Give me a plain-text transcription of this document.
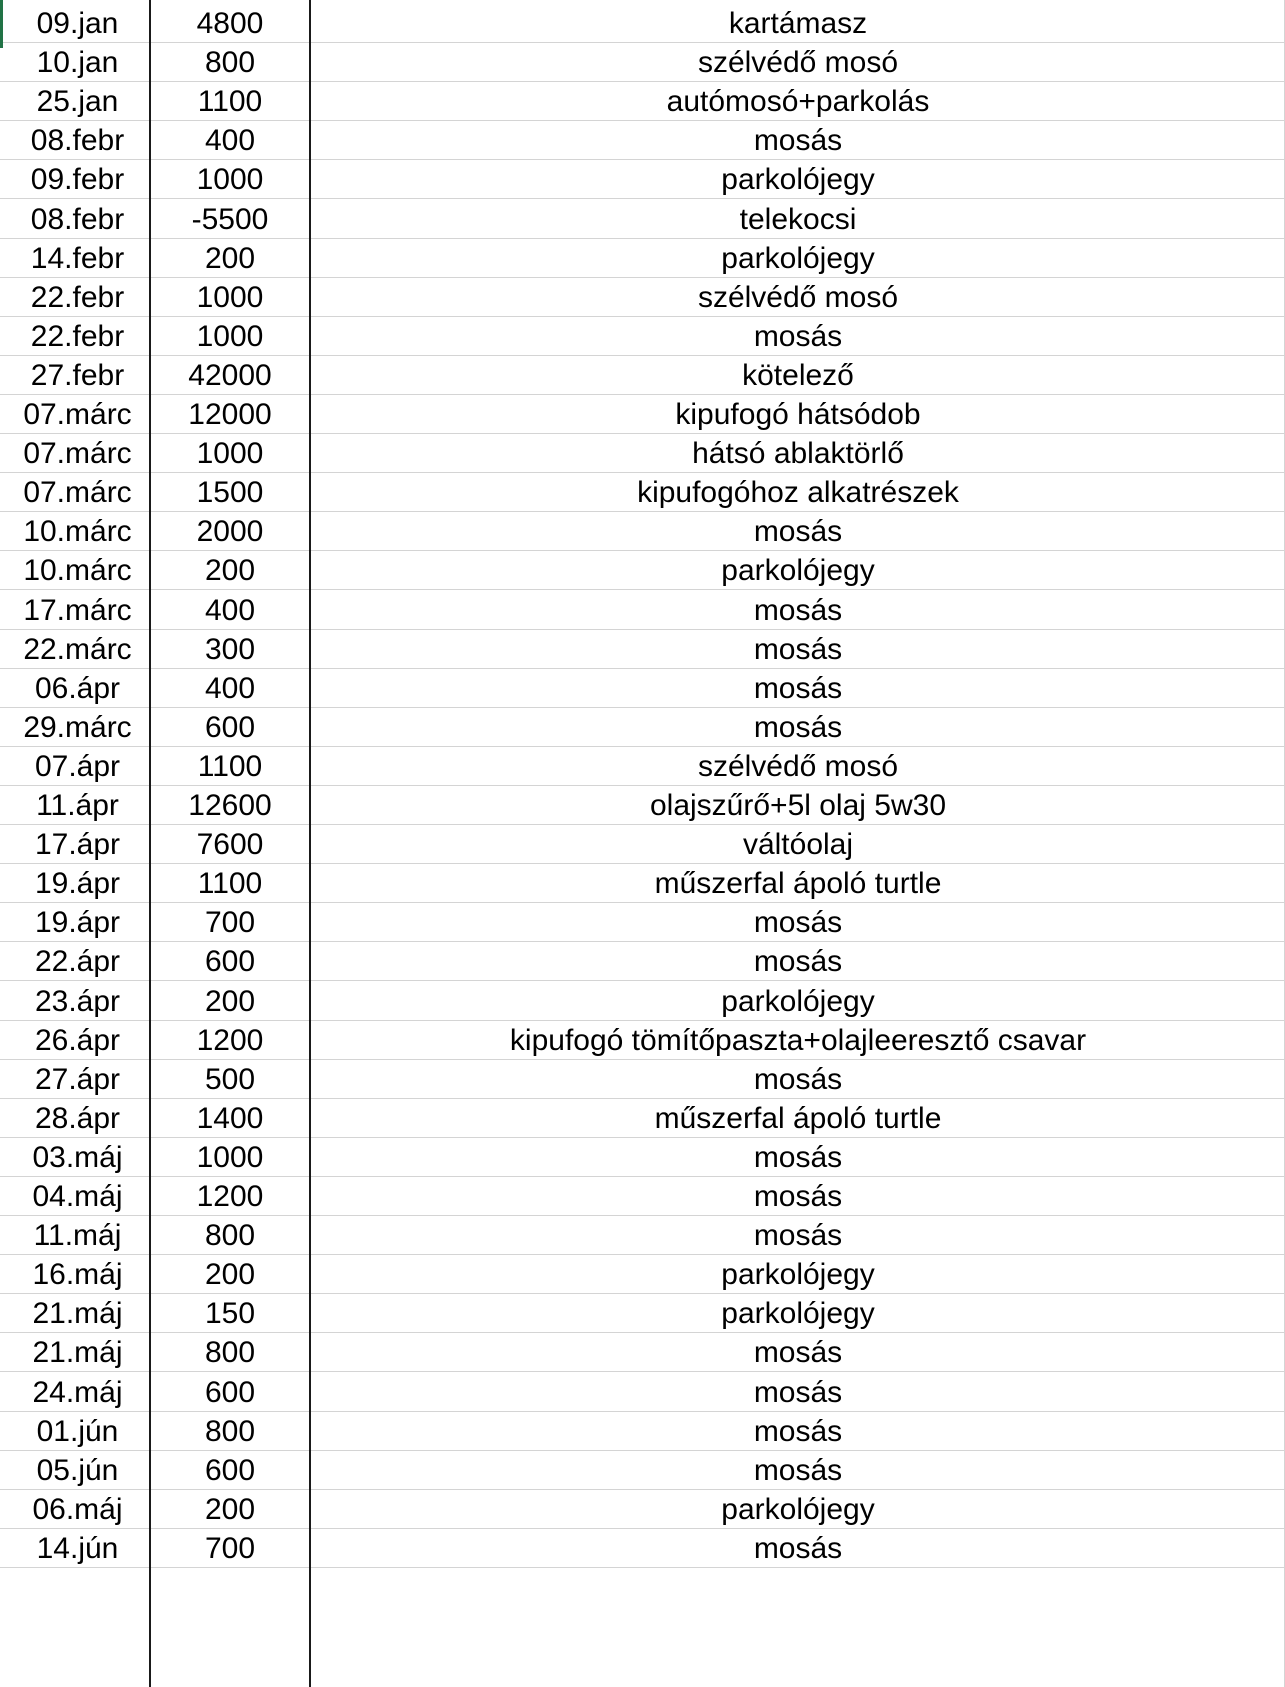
09.jan	4800	kartámasz
10.jan	800	szélvédő mosó
25.jan	1100	autómosó+parkolás
08.febr	400	mosás
09.febr	1000	parkolójegy
08.febr	-5500	telekocsi
14.febr	200	parkolójegy
22.febr	1000	szélvédő mosó
22.febr	1000	mosás
27.febr	42000	kötelező
07.márc	12000	kipufogó hátsódob
07.márc	1000	hátsó ablaktörlő
07.márc	1500	kipufogóhoz alkatrészek
10.márc	2000	mosás
10.márc	200	parkolójegy
17.márc	400	mosás
22.márc	300	mosás
06.ápr	400	mosás
29.márc	600	mosás
07.ápr	1100	szélvédő mosó
11.ápr	12600	olajszűrő+5l olaj 5w30
17.ápr	7600	váltóolaj
19.ápr	1100	műszerfal ápoló turtle
19.ápr	700	mosás
22.ápr	600	mosás
23.ápr	200	parkolójegy
26.ápr	1200	kipufogó tömítőpaszta+olajleeresztő csavar
27.ápr	500	mosás
28.ápr	1400	műszerfal ápoló turtle
03.máj	1000	mosás
04.máj	1200	mosás
11.máj	800	mosás
16.máj	200	parkolójegy
21.máj	150	parkolójegy
21.máj	800	mosás
24.máj	600	mosás
01.jún	800	mosás
05.jún	600	mosás
06.máj	200	parkolójegy
14.jún	700	mosás
